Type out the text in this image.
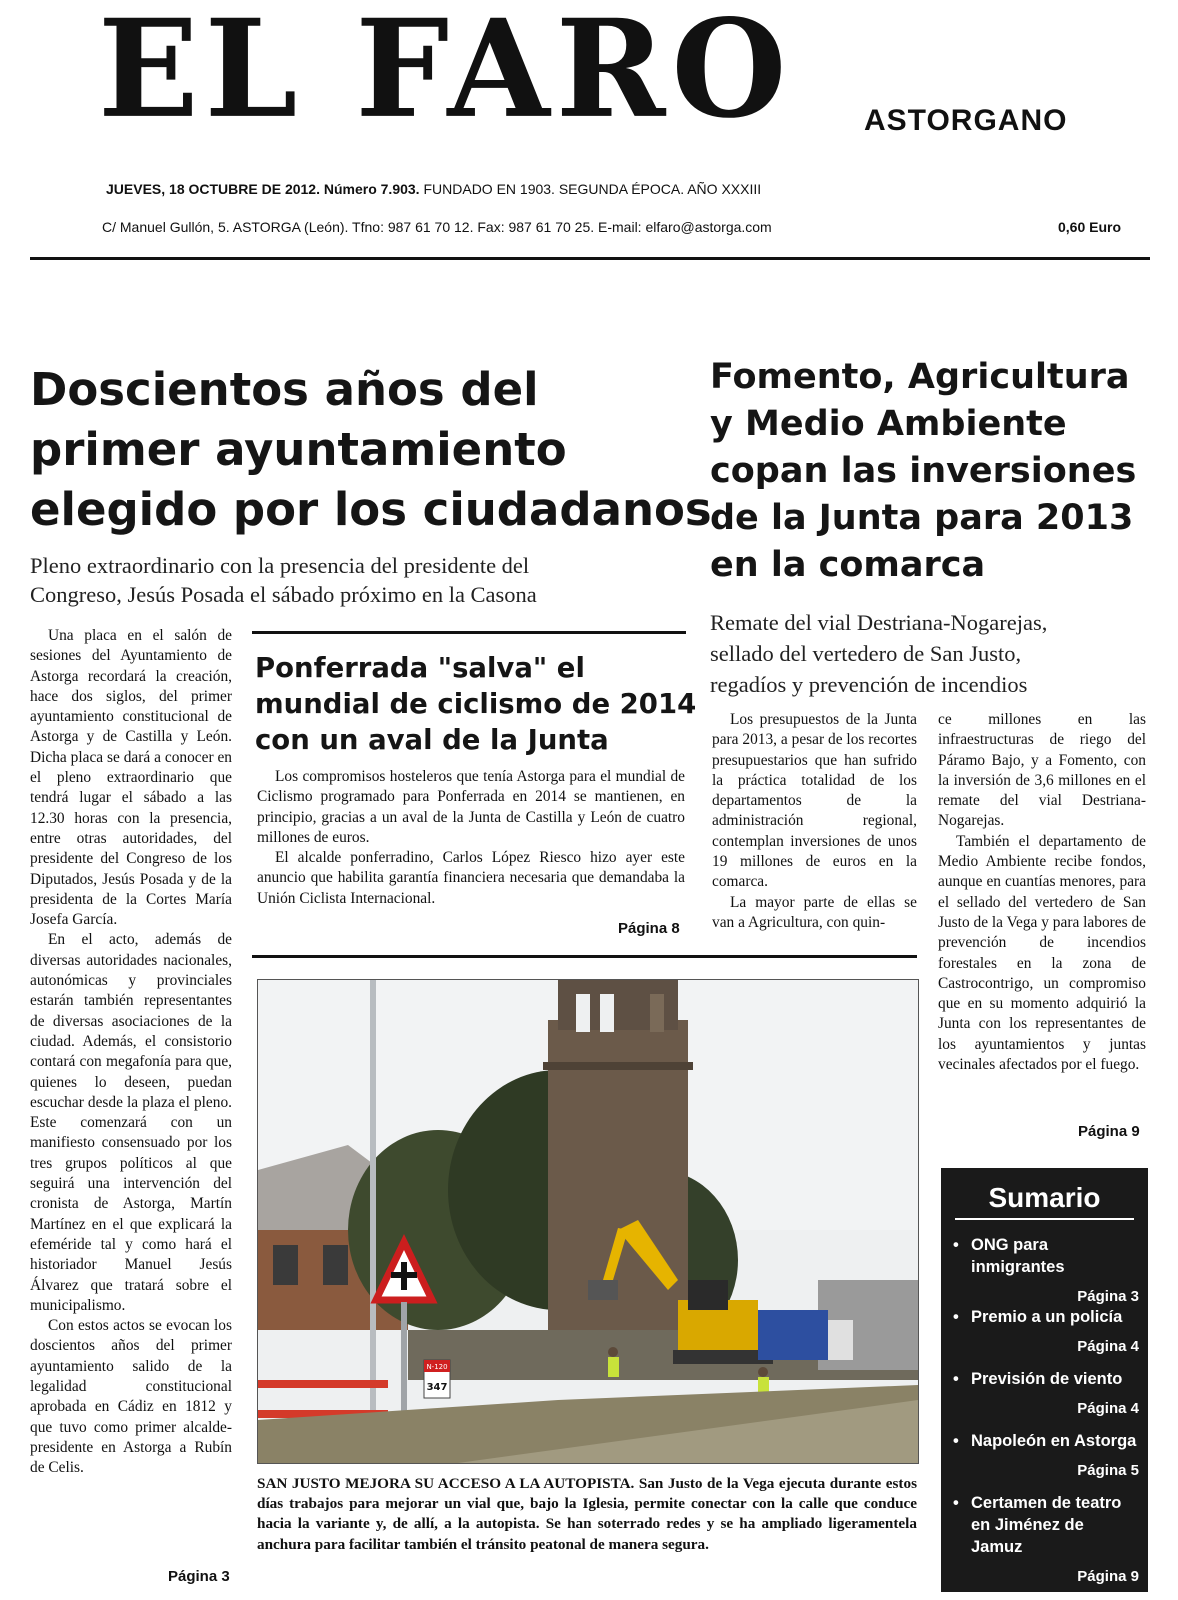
EL FARO ASTORGANO
JUEVES, 18 OCTUBRE DE 2012. Número 7.903. FUNDADO EN 1903. SEGUNDA ÉPOCA. AÑO XXXIII
C/ Manuel Gullón, 5. ASTORGA (León). Tfno: 987 61 70 12. Fax: 987 61 70 25. E-mail: elfaro@astorga.com	0,60 Euro
Doscientos años del
primer ayuntamiento
elegido por los ciudadanos
Pleno extraordinario con la presencia del presidente del
Congreso, Jesús Posada el sábado próximo en la Casona

Una placa en el salón de sesiones del Ayuntamiento de Astorga recordará la creación, hace dos siglos, del primer ayuntamiento constitucional de Astorga y de Castilla y León. Dicha placa se dará a conocer en el pleno extraordinario que tendrá lugar el sábado a las 12.30 horas con la presencia, entre otras autoridades, del presidente del Congreso de los Diputados, Jesús Posada y de la presidenta de la Cortes María Josefa García.

En el acto, además de diversas autoridades nacionales, autonómicas y provinciales estarán también representantes de diversas asociaciones de la ciudad. Además, el consistorio contará con megafonía para que, quienes lo deseen, puedan escuchar desde la plaza el pleno. Este comenzará con un manifiesto consensuado por los tres grupos políticos al que seguirá una intervención del cronista de Astorga, Martín Martínez en el que explicará la efeméride tal y como hará el historiador Manuel Jesús Álvarez que tratará sobre el municipalismo.

Con estos actos se evocan los doscientos años del primer ayuntamiento salido de la legalidad constitucional aprobada en Cádiz en 1812 y que tuvo como primer alcalde-presidente en Astorga a Rubín de Celis.

Página 3
Ponferrada "salva" el
mundial de ciclismo de 2014
con un aval de la Junta

Los compromisos hosteleros que tenía Astorga para el mundial de Ciclismo programado para Ponferrada en 2014 se mantienen, en principio, gracias a un aval de la Junta de Castilla y León de cuatro millones de euros.

El alcalde ponferradino, Carlos López Riesco hizo ayer este anuncio que habilita garantía financiera necesaria que demandaba la Unión Ciclista Internacional.

Página 8
Fomento, Agricultura
y Medio Ambiente
copan las inversiones
de la Junta para 2013
en la comarca
Remate del vial Destriana-Nogarejas,
sellado del vertedero de San Justo,
regadíos y prevención de incendios

Los presupuestos de la Junta para 2013, a pesar de los recortes presupuestarios que han sufrido la práctica totalidad de los departamentos de la administración regional, contemplan inversiones de unos 19 millones de euros en la comarca.

La mayor parte de ellas se van a Agricultura, con quin-

ce millones en las infraestructuras de riego del Páramo Bajo, y a Fomento, con la inversión de 3,6 millones en el remate del vial Destriana-Nogarejas.

También el departamento de Medio Ambiente recibe fondos, aunque en cuantías menores, para el sellado del vertedero de San Justo de la Vega y para labores de prevención de incendios forestales en la zona de Castrocontrigo, un compromiso que en su momento adquirió la Junta con los representantes de los ayuntamientos y juntas vecinales afectados por el fuego.

Página 9
N-120
347
SAN JUSTO MEJORA SU ACCESO A LA AUTOPISTA. San Justo de la Vega ejecuta durante estos días trabajos para mejorar un vial que, bajo la Iglesia, permite conectar con la calle que conduce hacia la variante y, de allí, a la autopista. Se han soterrado redes y se ha ampliado ligeramentela anchura para facilitar también el tránsito peatonal de manera segura.
Sumario
• ONG para inmigrantes
Página 3
• Premio a un policía
Página 4
• Previsión de viento
Página 4
• Napoleón en Astorga
Página 5
• Certamen de teatro en Jiménez de Jamuz
Página 9
